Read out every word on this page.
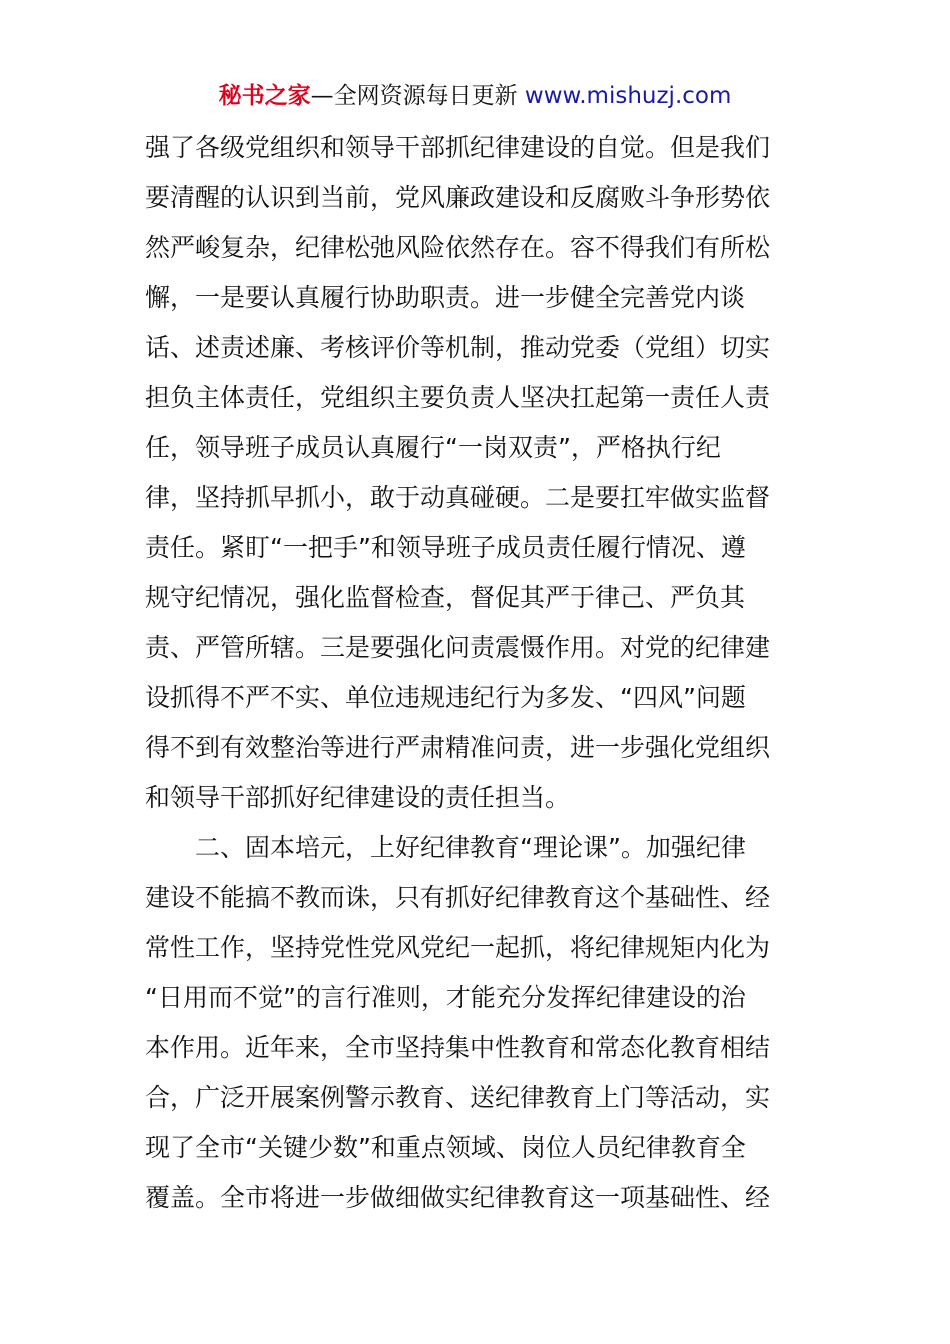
秘书之家—全网资源每日更新 www.mishuzj.com
强了各级党组织和领导干部抓纪律建设的自觉。但是我们
要清醒的认识到当前，党风廉政建设和反腐败斗争形势依
然严峻复杂，纪律松弛风险依然存在。容不得我们有所松
懈，一是要认真履行协助职责。进一步健全完善党内谈
话、述责述廉、考核评价等机制，推动党委（党组）切实
担负主体责任，党组织主要负责人坚决扛起第一责任人责
任，领导班子成员认真履行“一岗双责”，严格执行纪
律，坚持抓早抓小，敢于动真碰硬。二是要扛牢做实监督
责任。紧盯“一把手”和领导班子成员责任履行情况、遵
规守纪情况，强化监督检查，督促其严于律己、严负其
责、严管所辖。三是要强化问责震慑作用。对党的纪律建
设抓得不严不实、单位违规违纪行为多发、“四风”问题
得不到有效整治等进行严肃精准问责，进一步强化党组织
和领导干部抓好纪律建设的责任担当。
二、固本培元，上好纪律教育“理论课”。加强纪律
建设不能搞不教而诛，只有抓好纪律教育这个基础性、经
常性工作，坚持党性党风党纪一起抓，将纪律规矩内化为
“日用而不觉”的言行准则，才能充分发挥纪律建设的治
本作用。近年来，全市坚持集中性教育和常态化教育相结
合，广泛开展案例警示教育、送纪律教育上门等活动，实
现了全市“关键少数”和重点领域、岗位人员纪律教育全
覆盖。全市将进一步做细做实纪律教育这一项基础性、经
